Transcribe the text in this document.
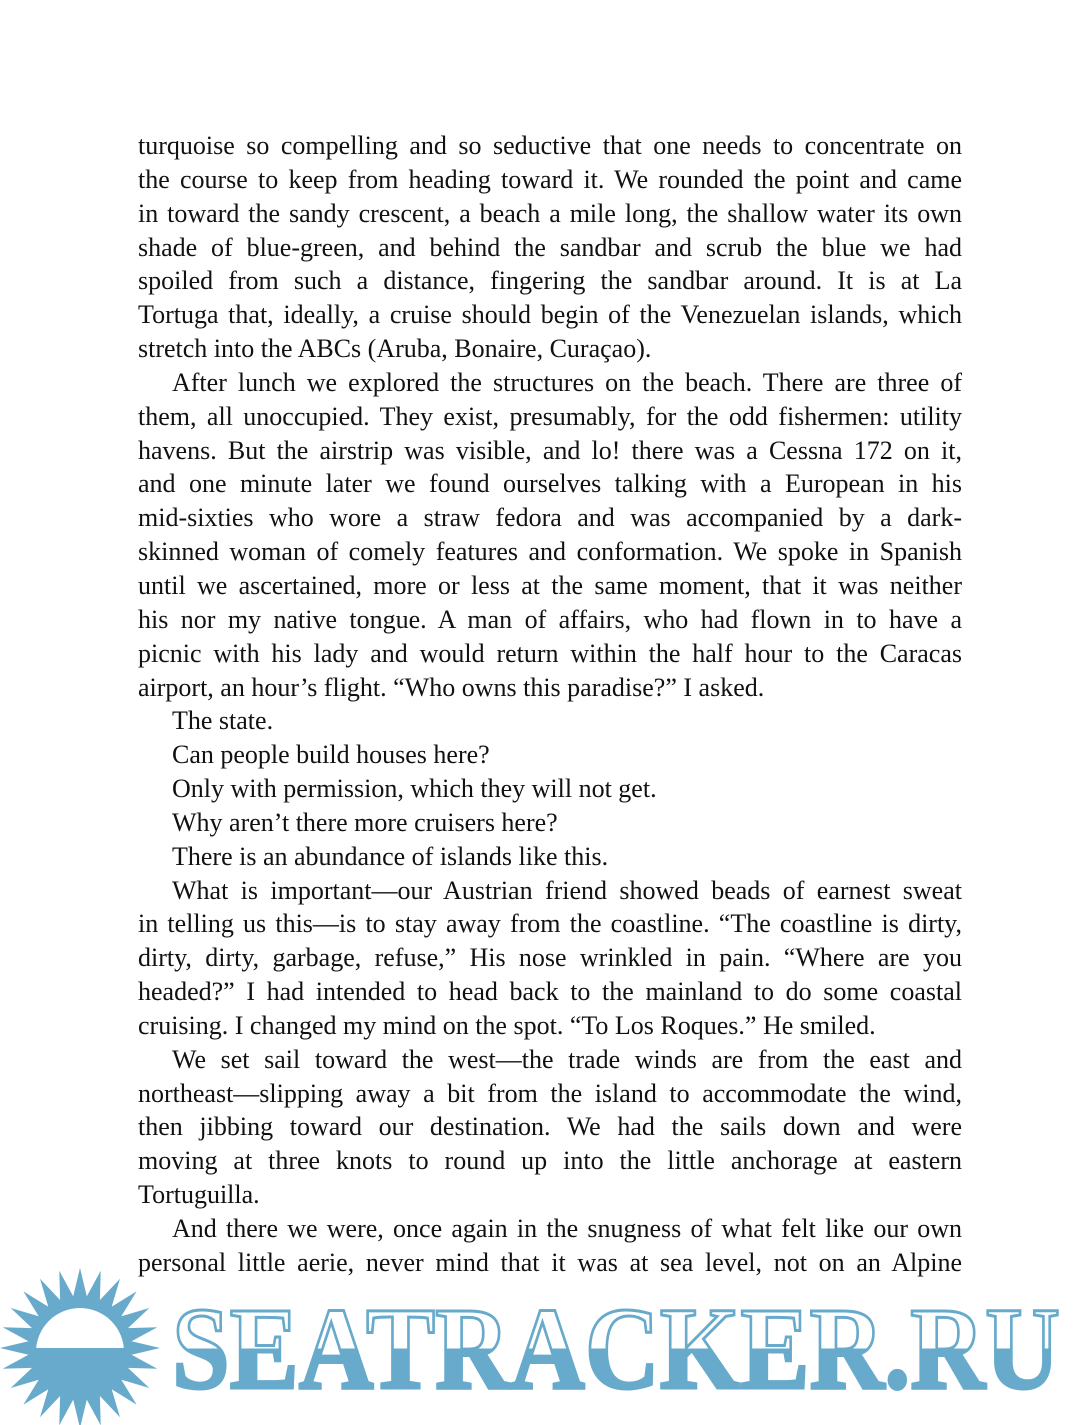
turquoise so compelling and so seductive that one needs to concentrate on
the course to keep from heading toward it. We rounded the point and came
in toward the sandy crescent, a beach a mile long, the shallow water its own
shade of blue-green, and behind the sandbar and scrub the blue we had
spoiled from such a distance, fingering the sandbar around. It is at La
Tortuga that, ideally, a cruise should begin of the Venezuelan islands, which
stretch into the ABCs (Aruba, Bonaire, Curaçao).
After lunch we explored the structures on the beach. There are three of
them, all unoccupied. They exist, presumably, for the odd fishermen: utility
havens. But the airstrip was visible, and lo! there was a Cessna 172 on it,
and one minute later we found ourselves talking with a European in his
mid-sixties who wore a straw fedora and was accompanied by a dark-
skinned woman of comely features and conformation. We spoke in Spanish
until we ascertained, more or less at the same moment, that it was neither
his nor my native tongue. A man of affairs, who had flown in to have a
picnic with his lady and would return within the half hour to the Caracas
airport, an hour’s flight. “Who owns this paradise?” I asked.
The state.
Can people build houses here?
Only with permission, which they will not get.
Why aren’t there more cruisers here?
There is an abundance of islands like this.
What is important—our Austrian friend showed beads of earnest sweat
in telling us this—is to stay away from the coastline. “The coastline is dirty,
dirty, dirty, garbage, refuse,” His nose wrinkled in pain. “Where are you
headed?” I had intended to head back to the mainland to do some coastal
cruising. I changed my mind on the spot. “To Los Roques.” He smiled.
We set sail toward the west—the trade winds are from the east and
northeast—slipping away a bit from the island to accommodate the wind,
then jibbing toward our destination. We had the sails down and were
moving at three knots to round up into the little anchorage at eastern
Tortuguilla.
And there we were, once again in the snugness of what felt like our own
personal little aerie, never mind that it was at sea level, not on an Alpine
SEATRACKER.RU
